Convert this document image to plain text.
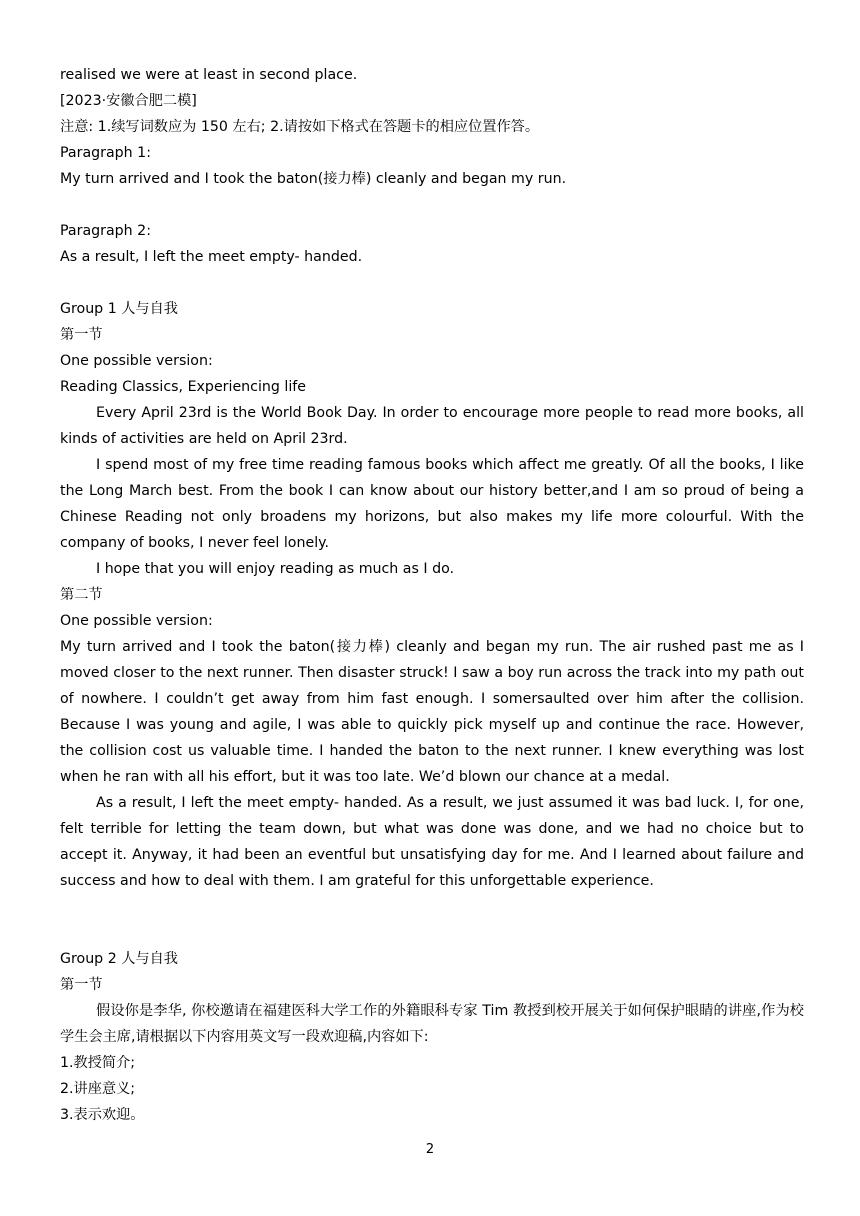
realised we were at least in second place.
[2023·安徽合肥二模]
注意: 1.续写词数应为 150 左右; 2.请按如下格式在答题卡的相应位置作答。
Paragraph 1:
My turn arrived and I took the baton(接力棒) cleanly and began my run.
Paragraph 2:
As a result, I left the meet empty- handed.
Group 1 人与自我
第一节
One possible version:
Reading Classics, Experiencing life

Every April 23rd is the World Book Day. In order to encourage more people to read more books, all kinds of activities are held on April 23rd.

I spend most of my free time reading famous books which affect me greatly. Of all the books, I like the Long March best. From the book I can know about our history better,and I am so proud of being a Chinese Reading not only broadens my horizons, but also makes my life more colourful. With the company of books, I never feel lonely.

I hope that you will enjoy reading as much as I do.

第二节
One possible version:

My turn arrived and I took the baton(接力棒) cleanly and began my run. The air rushed past me as I moved closer to the next runner. Then disaster struck! I saw a boy run across the track into my path out of nowhere. I couldn’t get away from him fast enough. I somersaulted over him after the collision. Because I was young and agile, I was able to quickly pick myself up and continue the race. However, the collision cost us valuable time. I handed the baton to the next runner. I knew everything was lost when he ran with all his effort, but it was too late. We’d blown our chance at a medal.

As a result, I left the meet empty- handed. As a result, we just assumed it was bad luck. I, for one, felt terrible for letting the team down, but what was done was done, and we had no choice but to accept it. Anyway, it had been an eventful but unsatisfying day for me. And I learned about failure and success and how to deal with them. I am grateful for this unforgettable experience.

Group 2 人与自我
第一节

假设你是李华, 你校邀请在福建医科大学工作的外籍眼科专家 Tim 教授到校开展关于如何保护眼睛的讲座,作为校学生会主席,请根据以下内容用英文写一段欢迎稿,内容如下:

1.教授简介;
2.讲座意义;
3.表示欢迎。
2
